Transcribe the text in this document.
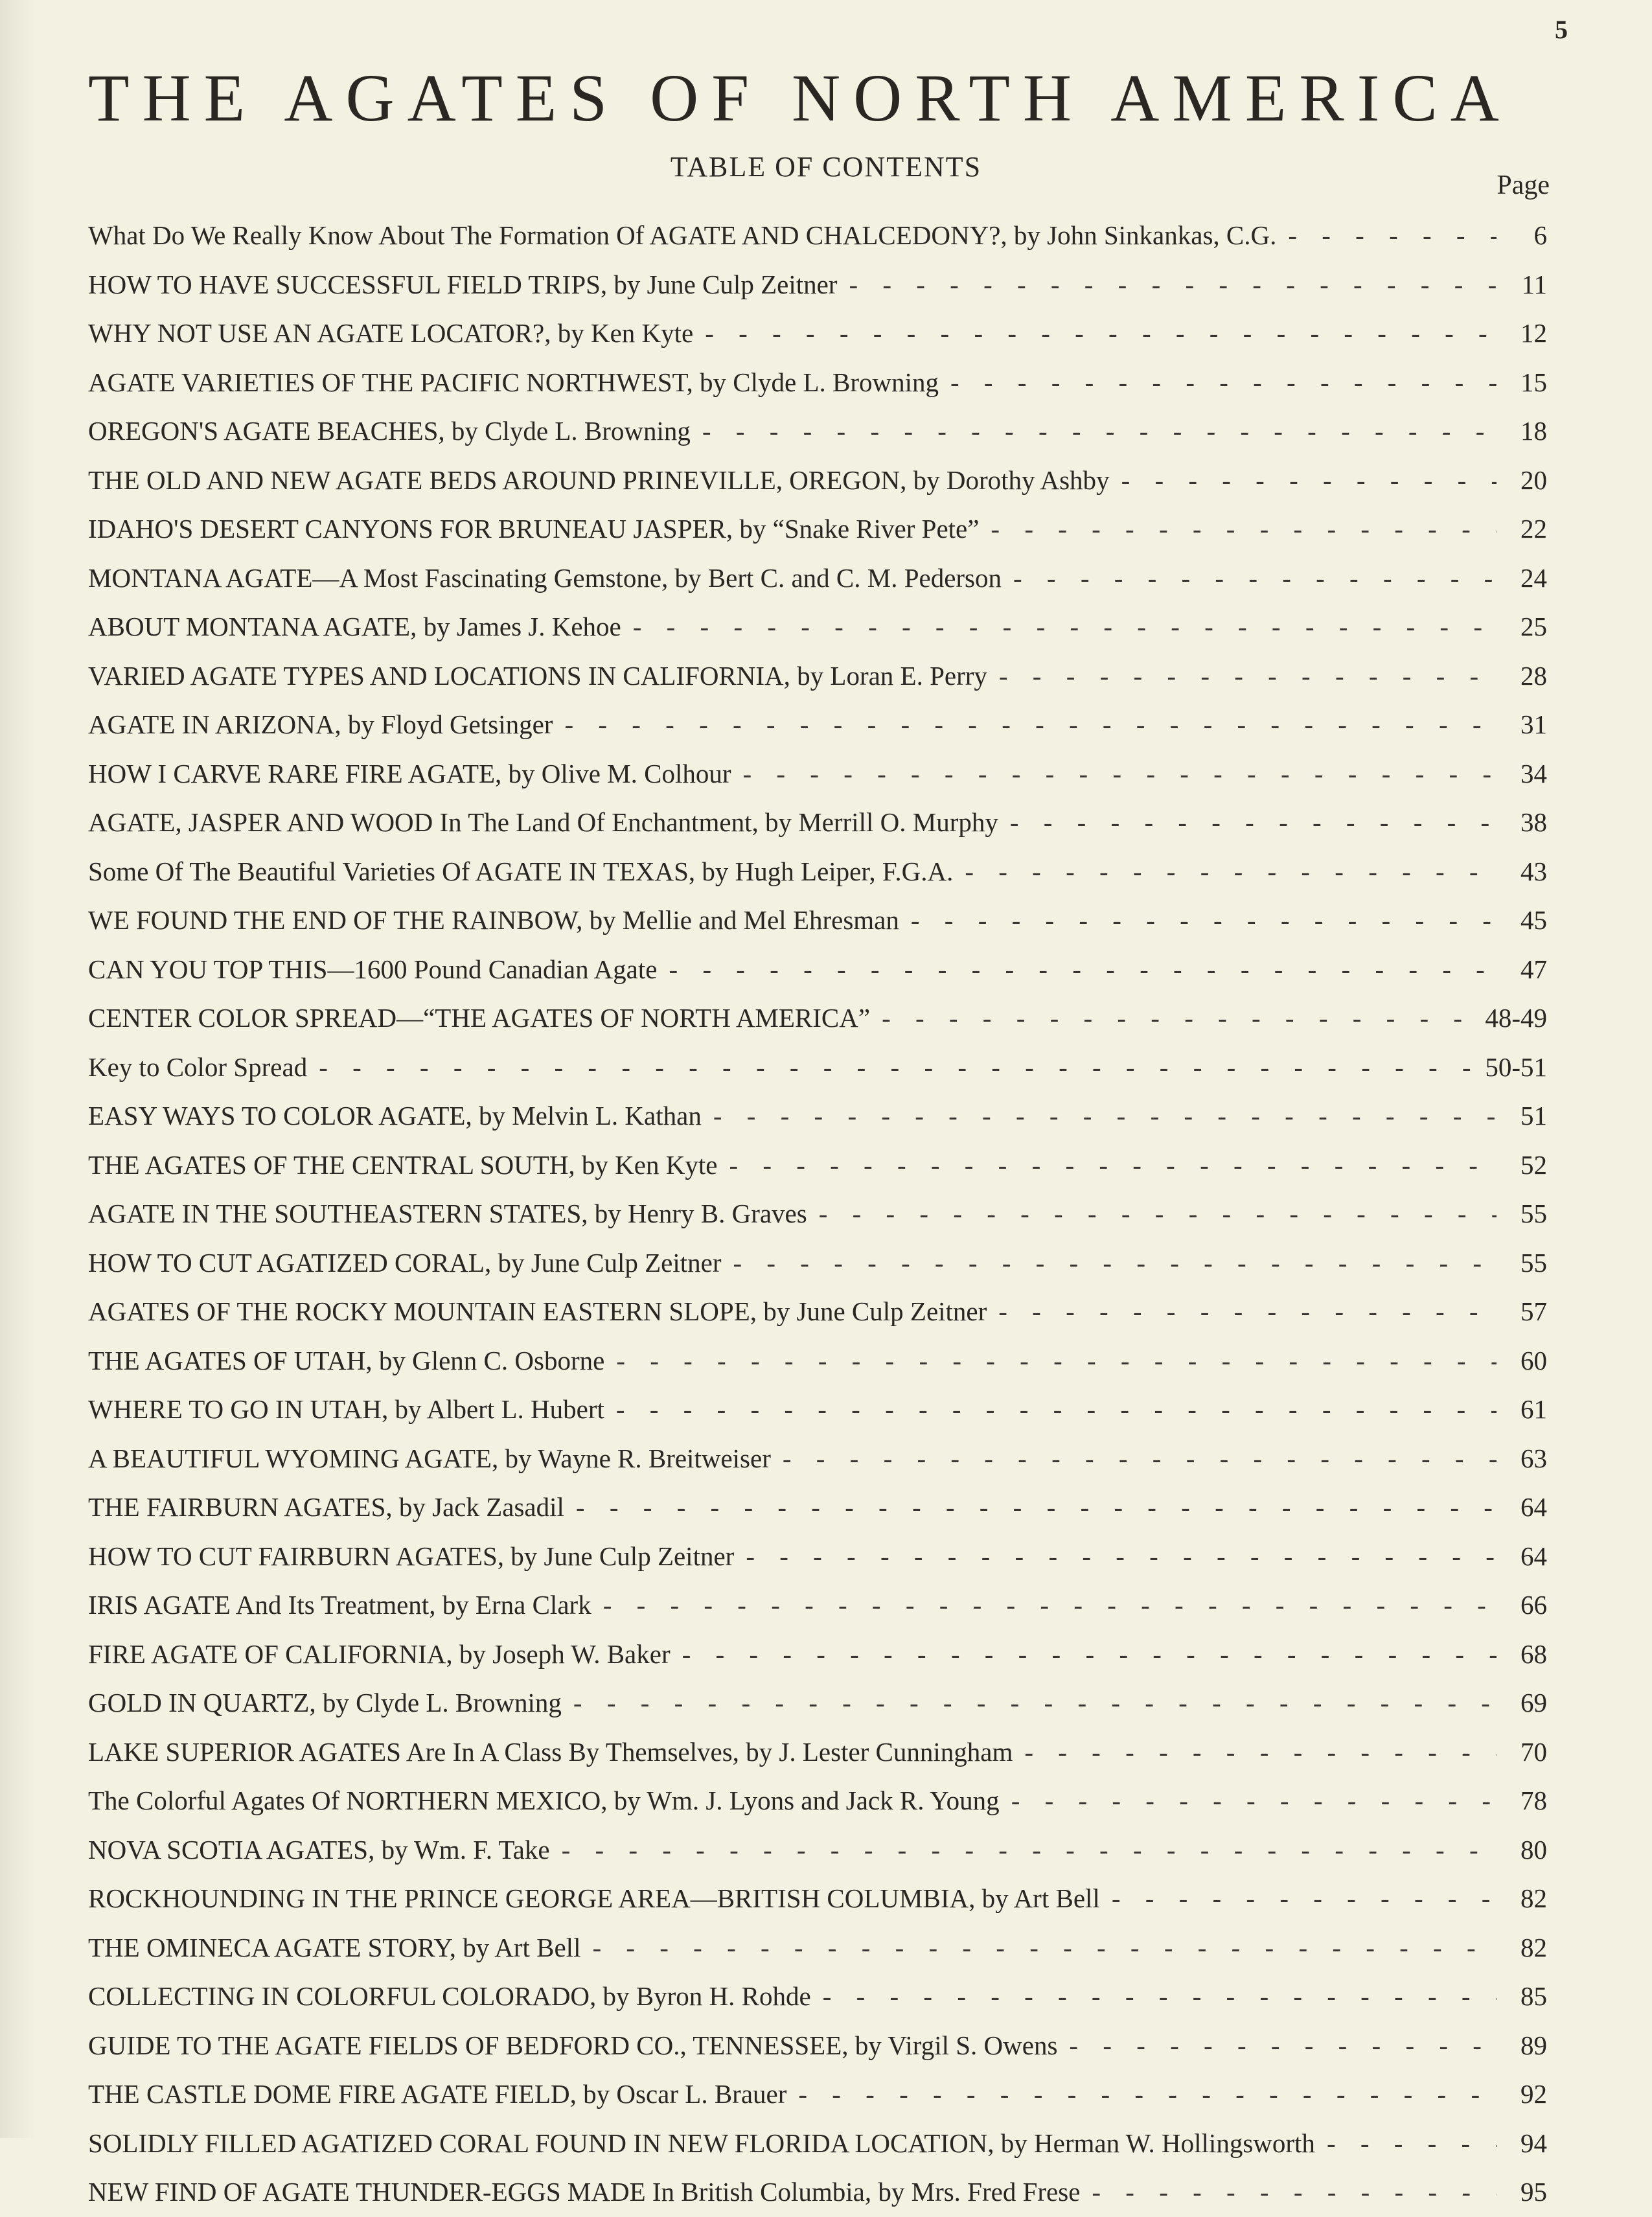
5
THE AGATES OF NORTH AMERICA
TABLE OF CONTENTS
Page
What Do We Really Know About The Formation Of AGATE AND CHALCEDONY?, by John Sinkankas, C.G. - - -	6
HOW TO HAVE SUCCESSFUL FIELD TRIPS, by June Culp Zeitner - - -	11
WHY NOT USE AN AGATE LOCATOR?, by Ken Kyte - - -	12
AGATE VARIETIES OF THE PACIFIC NORTHWEST, by Clyde L. Browning - - -	15
OREGON'S AGATE BEACHES, by Clyde L. Browning - - -	18
THE OLD AND NEW AGATE BEDS AROUND PRINEVILLE, OREGON, by Dorothy Ashby - - -	20
IDAHO'S DESERT CANYONS FOR BRUNEAU JASPER, by “Snake River Pete” - - -	22
MONTANA AGATE—A Most Fascinating Gemstone, by Bert C. and C. M. Pederson - - -	24
ABOUT MONTANA AGATE, by James J. Kehoe - - -	25
VARIED AGATE TYPES AND LOCATIONS IN CALIFORNIA, by Loran E. Perry - - -	28
AGATE IN ARIZONA, by Floyd Getsinger - - -	31
HOW I CARVE RARE FIRE AGATE, by Olive M. Colhour - - -	34
AGATE, JASPER AND WOOD In The Land Of Enchantment, by Merrill O. Murphy - - -	38
Some Of The Beautiful Varieties Of AGATE IN TEXAS, by Hugh Leiper, F.G.A. - - -	43
WE FOUND THE END OF THE RAINBOW, by Mellie and Mel Ehresman - - -	45
CAN YOU TOP THIS—1600 Pound Canadian Agate - - -	47
CENTER COLOR SPREAD—“THE AGATES OF NORTH AMERICA” - - -	48-49
Key to Color Spread - - -	50-51
EASY WAYS TO COLOR AGATE, by Melvin L. Kathan - - -	51
THE AGATES OF THE CENTRAL SOUTH, by Ken Kyte - - -	52
AGATE IN THE SOUTHEASTERN STATES, by Henry B. Graves - - -	55
HOW TO CUT AGATIZED CORAL, by June Culp Zeitner - - -	55
AGATES OF THE ROCKY MOUNTAIN EASTERN SLOPE, by June Culp Zeitner - - -	57
THE AGATES OF UTAH, by Glenn C. Osborne - - -	60
WHERE TO GO IN UTAH, by Albert L. Hubert - - -	61
A BEAUTIFUL WYOMING AGATE, by Wayne R. Breitweiser - - -	63
THE FAIRBURN AGATES, by Jack Zasadil - - -	64
HOW TO CUT FAIRBURN AGATES, by June Culp Zeitner - - -	64
IRIS AGATE And Its Treatment, by Erna Clark - - -	66
FIRE AGATE OF CALIFORNIA, by Joseph W. Baker - - -	68
GOLD IN QUARTZ, by Clyde L. Browning - - -	69
LAKE SUPERIOR AGATES Are In A Class By Themselves, by J. Lester Cunningham - - -	70
The Colorful Agates Of NORTHERN MEXICO, by Wm. J. Lyons and Jack R. Young - - -	78
NOVA SCOTIA AGATES, by Wm. F. Take - - -	80
ROCKHOUNDING IN THE PRINCE GEORGE AREA—BRITISH COLUMBIA, by Art Bell - - -	82
THE OMINECA AGATE STORY, by Art Bell - - -	82
COLLECTING IN COLORFUL COLORADO, by Byron H. Rohde - - -	85
GUIDE TO THE AGATE FIELDS OF BEDFORD CO., TENNESSEE, by Virgil S. Owens - - -	89
THE CASTLE DOME FIRE AGATE FIELD, by Oscar L. Brauer - - -	92
SOLIDLY FILLED AGATIZED CORAL FOUND IN NEW FLORIDA LOCATION, by Herman W. Hollingsworth - - -	94
NEW FIND OF AGATE THUNDER-EGGS MADE In British Columbia, by Mrs. Fred Frese - - -	95
